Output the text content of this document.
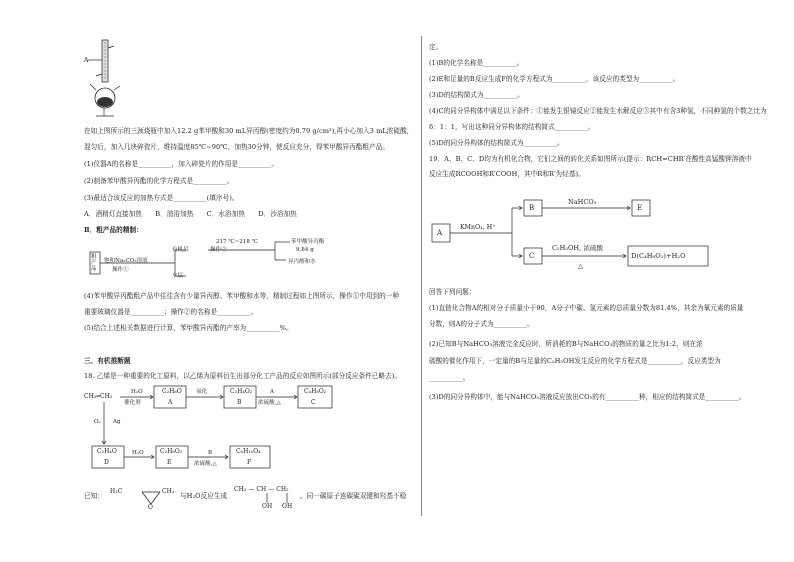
A
在如上图所示的三颈烧瓶中加入12.2 g苯甲酸和30 mL异丙醇(密度约为0.79 g/cm³),再小心加入3 mL浓硫酸,
混匀后，加入几块碎瓷片，维持温度85℃~90℃，加热30分钟，使反应充分，得苯甲酸异丙酯粗产品。
(1)仪器A的名称是__________，加入碎瓷片的作用是__________。
(2)制备苯甲酸异丙酯的化学方程式是__________。
(3)最适合该反应的加热方式是__________(填序号)。
A．酒精灯直接加热　　B．油浴加热　　C．水浴加热　　D．沙浴加热
Ⅱ．粗产品的精制：
粗产品
饱和Na₂CO₃溶液
操作①
有机层
水层
操作②
217 ℃~218 ℃	苯甲酸异丙酯
9.84 g
异丙醇和水
(4)苯甲酸异丙酯粗产品中往往含有少量异丙醇、苯甲酸和水等，精制过程如上图所示，操作①中用到的一种
重要玻璃仪器是__________；操作②的名称是__________。
(5)结合上述相关数据进行计算，苯甲酸异丙酯的产率为__________%。
三、有机推断题
18. 乙烯是一种重要的化工原料，以乙烯为原料衍生出部分化工产品的反应如图所示(部分反应条件已略去)。
CH₂═CH₂
H₂O
催化剂
C₂H₆O
A
氧化	C₂H₄O₂
B
A
浓硫酸,△
C₄H₈O₂
C
O₂ Ag
C₂H₄O
D
H₂O	C₂H₆O₂
E
B
浓硫酸,△
C₆H₁₀O₄
F
已知：
H₂C	CH₂
O
与H₂O反应生成
CH₃ — CH — CH₂
OH OH
。同一碳原子连碳碳双键和羟基不稳
定。
(1)B的化学名称是__________。
(2)E和足量的B反应生成F的化学方程式为__________，该反应的类型为__________。
(3)D的结构简式为__________。
(4)C的同分异构体中满足以下条件：①能发生银镜反应②能发生水解反应③其中有含3种氢，不同种氢的个数之比为
6：1：1，写出这种同分异构体的结构简式__________。
(5)D的同分异构体的结构简式为__________。
19．A、B、C、D均为有机化合物，它们之间的转化关系如图所示(提示：RCH=CHR′在酸性高锰酸钾溶液中
反应生成RCOOH和R′COOH，其中R和R′为烃基)。
A
KMnO₄, H⁺
B
NaHCO₃
E
C
C₂H₅OH, 浓硫酸
△
D(C₄H₈O₂)+H₂O
回答下列问题：
(1)直链化合物A的相对分子质量小于90，A分子中碳、氢元素的总质量分数为81.4%，其余为氧元素的质量
分数，则A的分子式为__________。
(2)已知B与NaHCO₃溶液完全反应时，所消耗的B与NaHCO₃的物质的量之比为1:2，则在浓
硫酸的催化作用下，一定量的B与足量的C₂H₅OH发生反应的化学方程式是__________，反应类型为
__________。
(3)D的同分异构体中，能与NaHCO₃溶液反应放出CO₂的有__________种，相应的结构简式是__________。
